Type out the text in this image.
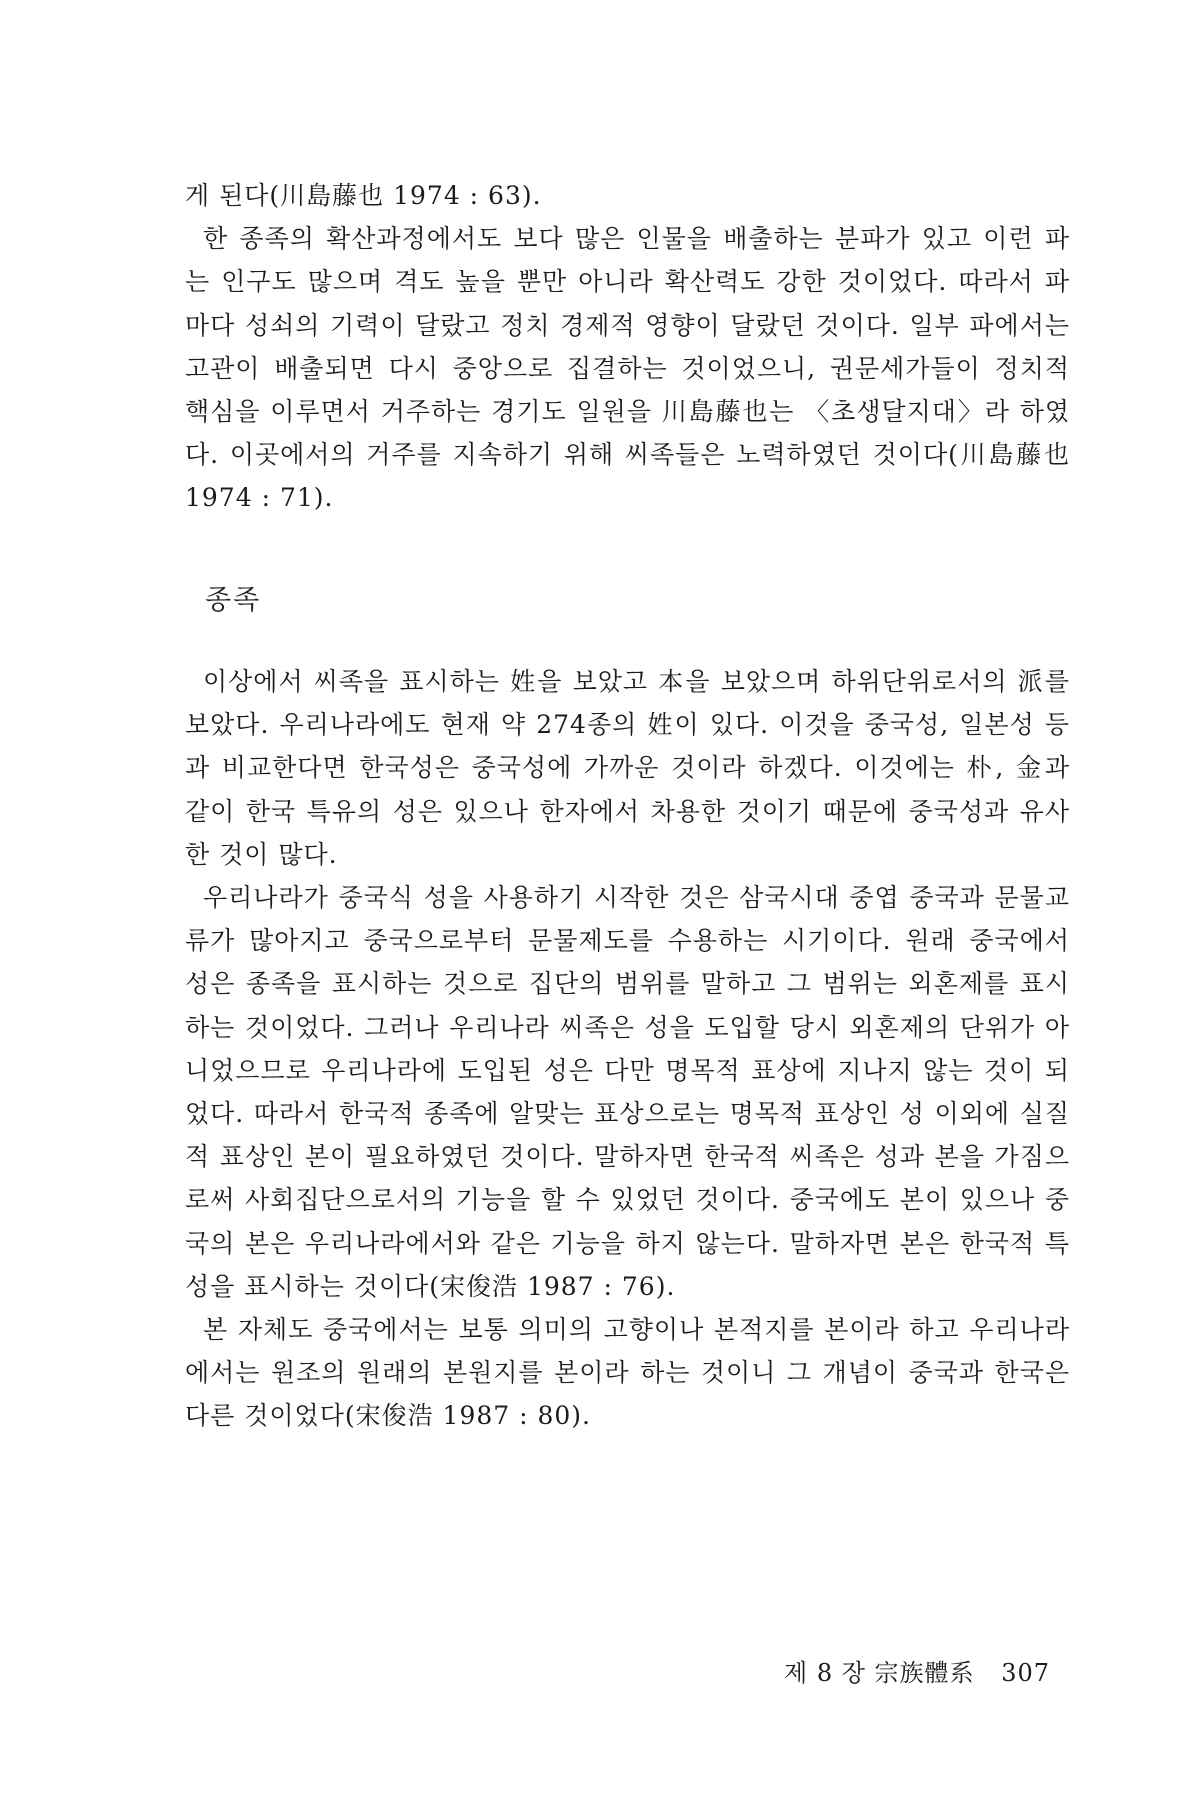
게 된다(川島藤也 1974 : 63).

한 종족의 확산과정에서도 보다 많은 인물을 배출하는 분파가 있고 이런 파는 인구도 많으며 격도 높을 뿐만 아니라 확산력도 강한 것이었다. 따라서 파마다 성쇠의 기력이 달랐고 정치 경제적 영향이 달랐던 것이다. 일부 파에서는 고관이 배출되면 다시 중앙으로 집결하는 것이었으니, 권문세가들이 정치적 핵심을 이루면서 거주하는 경기도 일원을 川島藤也는 〈초생달지대〉라 하였다. 이곳에서의 거주를 지속하기 위해 씨족들은 노력하였던 것이다(川島藤也 1974 : 71).

종족

이상에서 씨족을 표시하는 姓을 보았고 本을 보았으며 하위단위로서의 派를 보았다. 우리나라에도 현재 약 274종의 姓이 있다. 이것을 중국성, 일본성 등과 비교한다면 한국성은 중국성에 가까운 것이라 하겠다. 이것에는 朴, 金과 같이 한국 특유의 성은 있으나 한자에서 차용한 것이기 때문에 중국성과 유사한 것이 많다.

우리나라가 중국식 성을 사용하기 시작한 것은 삼국시대 중엽 중국과 문물교류가 많아지고 중국으로부터 문물제도를 수용하는 시기이다. 원래 중국에서 성은 종족을 표시하는 것으로 집단의 범위를 말하고 그 범위는 외혼제를 표시하는 것이었다. 그러나 우리나라 씨족은 성을 도입할 당시 외혼제의 단위가 아니었으므로 우리나라에 도입된 성은 다만 명목적 표상에 지나지 않는 것이 되었다. 따라서 한국적 종족에 알맞는 표상으로는 명목적 표상인 성 이외에 실질적 표상인 본이 필요하였던 것이다. 말하자면 한국적 씨족은 성과 본을 가짐으로써 사회집단으로서의 기능을 할 수 있었던 것이다. 중국에도 본이 있으나 중국의 본은 우리나라에서와 같은 기능을 하지 않는다. 말하자면 본은 한국적 특성을 표시하는 것이다(宋俊浩 1987 : 76).

본 자체도 중국에서는 보통 의미의 고향이나 본적지를 본이라 하고 우리나라에서는 원조의 원래의 본원지를 본이라 하는 것이니 그 개념이 중국과 한국은 다른 것이었다(宋俊浩 1987 : 80).

제 8 장 宗族體系 307
